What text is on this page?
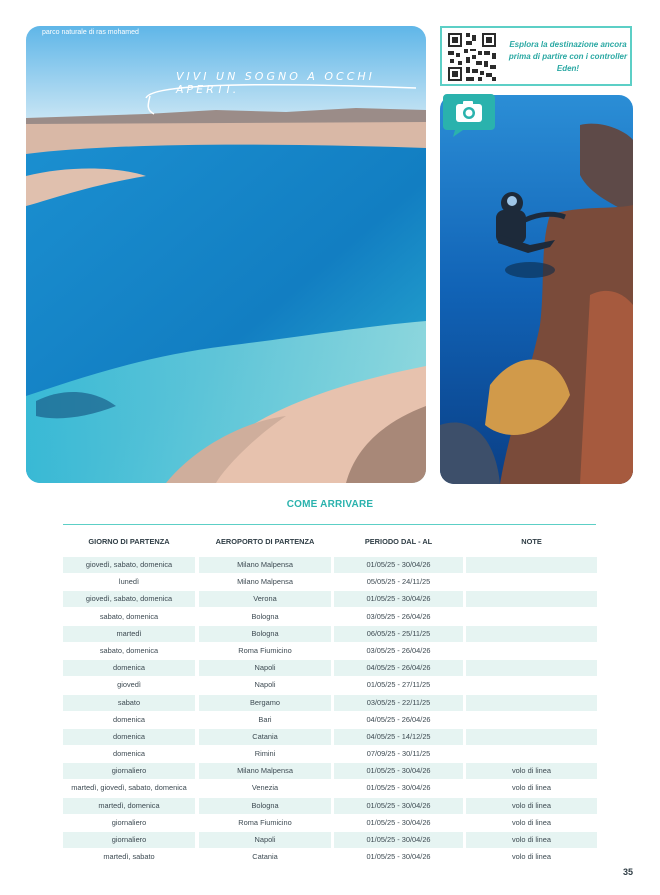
parco naturale di ras mohamed
VIVI UN SOGNO A OCCHI APERTI.
Esplora la destinazione ancora prima di partire con i controller Eden!
COME ARRIVARE
GIORNO DI PARTENZA	AEROPORTO DI PARTENZA	PERIODO DAL - AL	NOTE
giovedì, sabato, domenica	Milano Malpensa	01/05/25 - 30/04/26
lunedì	Milano Malpensa	05/05/25 - 24/11/25
giovedì, sabato, domenica	Verona	01/05/25 - 30/04/26
sabato, domenica	Bologna	03/05/25 - 26/04/26
martedì	Bologna	06/05/25 - 25/11/25
sabato, domenica	Roma Fiumicino	03/05/25 - 26/04/26
domenica	Napoli	04/05/25 - 26/04/26
giovedì	Napoli	01/05/25 - 27/11/25
sabato	Bergamo	03/05/25 - 22/11/25
domenica	Bari	04/05/25 - 26/04/26
domenica	Catania	04/05/25 - 14/12/25
domenica	Rimini	07/09/25 - 30/11/25
giornaliero	Milano Malpensa	01/05/25 - 30/04/26	volo di linea
martedì, giovedì, sabato, domenica	Venezia	01/05/25 - 30/04/26	volo di linea
martedì, domenica	Bologna	01/05/25 - 30/04/26	volo di linea
giornaliero	Roma Fiumicino	01/05/25 - 30/04/26	volo di linea
giornaliero	Napoli	01/05/25 - 30/04/26	volo di linea
martedì, sabato	Catania	01/05/25 - 30/04/26	volo di linea
35
